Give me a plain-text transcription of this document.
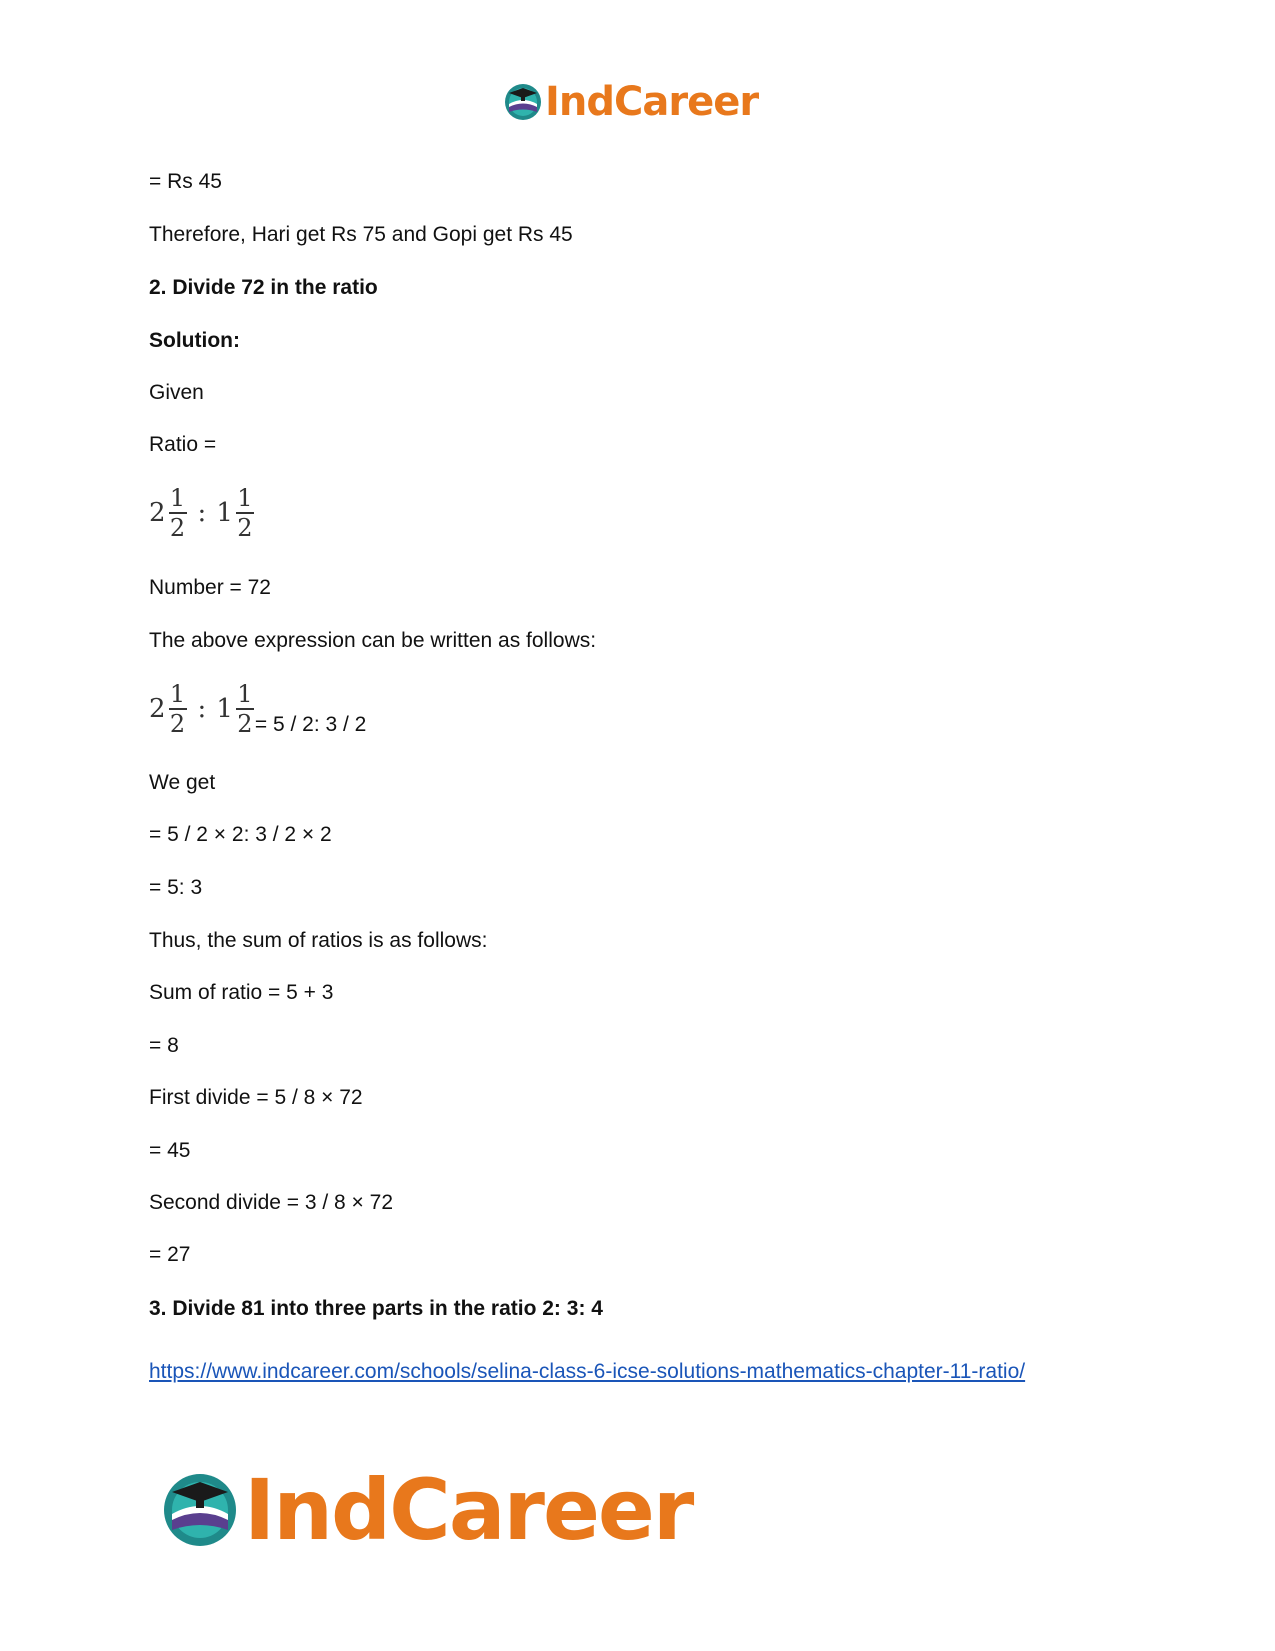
IndCareer
= Rs 45
Therefore, Hari get Rs 75 and Gopi get Rs 45
2. Divide 72 in the ratio
Solution:
Given
Ratio =
$2 \frac{1}{2}$ : $1 \frac{1}{2}$
Number = 72
The above expression can be written as follows:
$2 \frac{1}{2}$ : $1 \frac{1}{2} = 5 / 2$: 3 / 2
We get
= 5 / 2 × 2: 3 / 2 × 2
= 5: 3
Thus, the sum of ratios is as follows:
Sum of ratio = 5 + 3
= 8
First divide = 5 / 8 × 72
= 45
Second divide = 3 / 8 × 72
= 27
3. Divide 81 into three parts in the ratio 2: 3: 4
https://www.indcareer.com/schools/selina-class-6-icse-solutions-mathematics-chapter-11-ratio/
IndCareer
